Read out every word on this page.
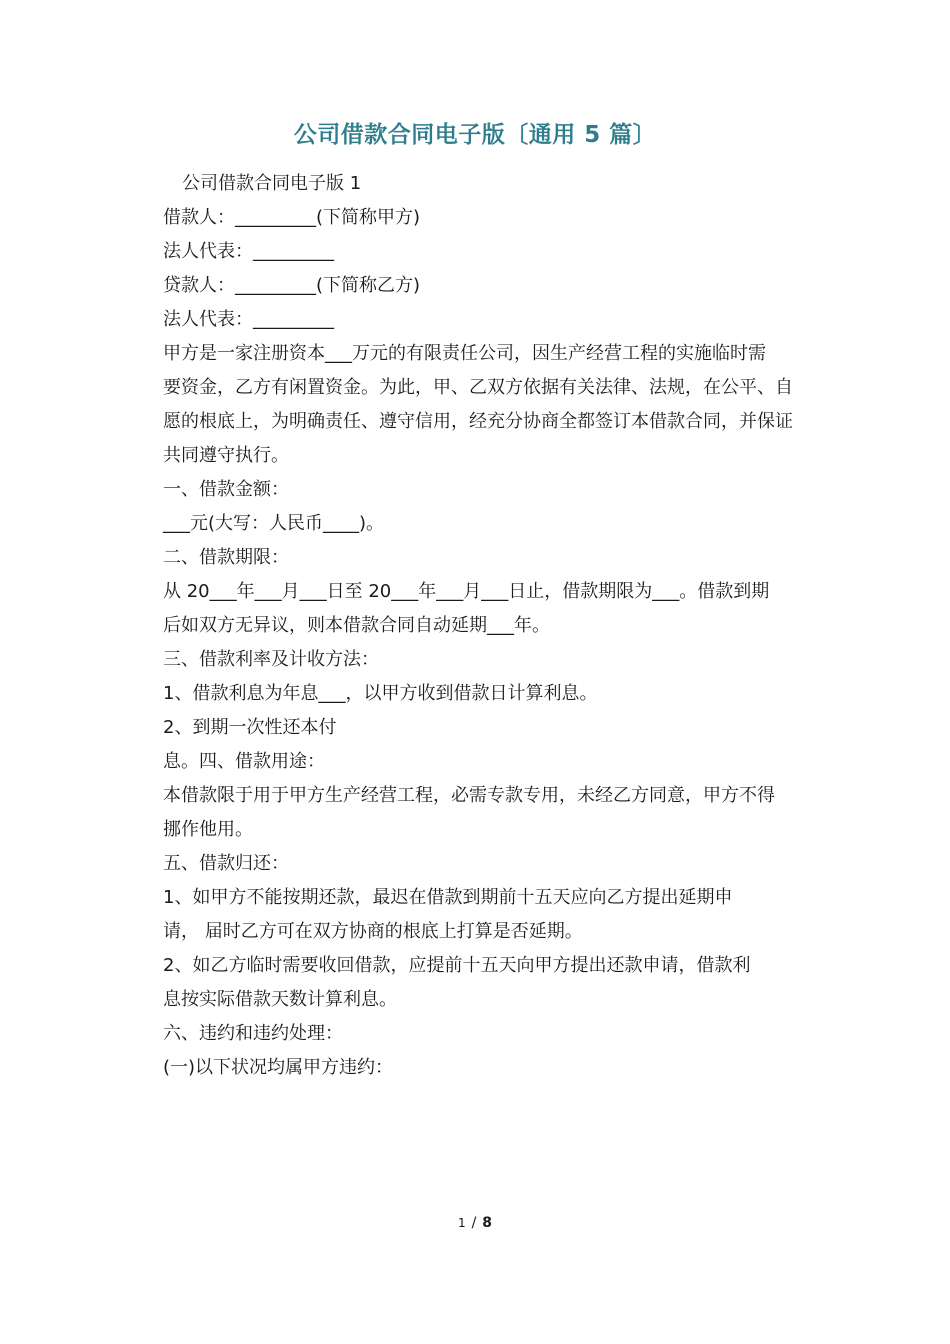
公司借款合同电子版〔通用 5 篇〕

公司借款合同电子版 1

借款人：_________(下简称甲方)

法人代表：_________

贷款人：_________(下简称乙方)

法人代表：_________

甲方是一家注册资本___万元的有限责任公司，因生产经营工程的实施临时需
要资金，乙方有闲置资金。为此，甲、乙双方依据有关法律、法规，在公平、自
愿的根底上，为明确责任、遵守信用，经充分协商全都签订本借款合同，并保证
共同遵守执行。

一、借款金额：

___元(大写：人民币____)。

二、借款期限：

从 20___年___月___日至 20___年___月___日止，借款期限为___。借款到期
后如双方无异议，则本借款合同自动延期___年。

三、借款利率及计收方法：

1、借款利息为年息___，以甲方收到借款日计算利息。

2、到期一次性还本付

息。四、借款用途：

本借款限于用于甲方生产经营工程，必需专款专用，未经乙方同意，甲方不得
挪作他用。

五、借款归还：

1、如甲方不能按期还款，最迟在借款到期前十五天应向乙方提出延期申
请， 届时乙方可在双方协商的根底上打算是否延期。

2、如乙方临时需要收回借款，应提前十五天向甲方提出还款申请，借款利
息按实际借款天数计算利息。

六、违约和违约处理：

(一)以下状况均属甲方违约：

1 / 8
